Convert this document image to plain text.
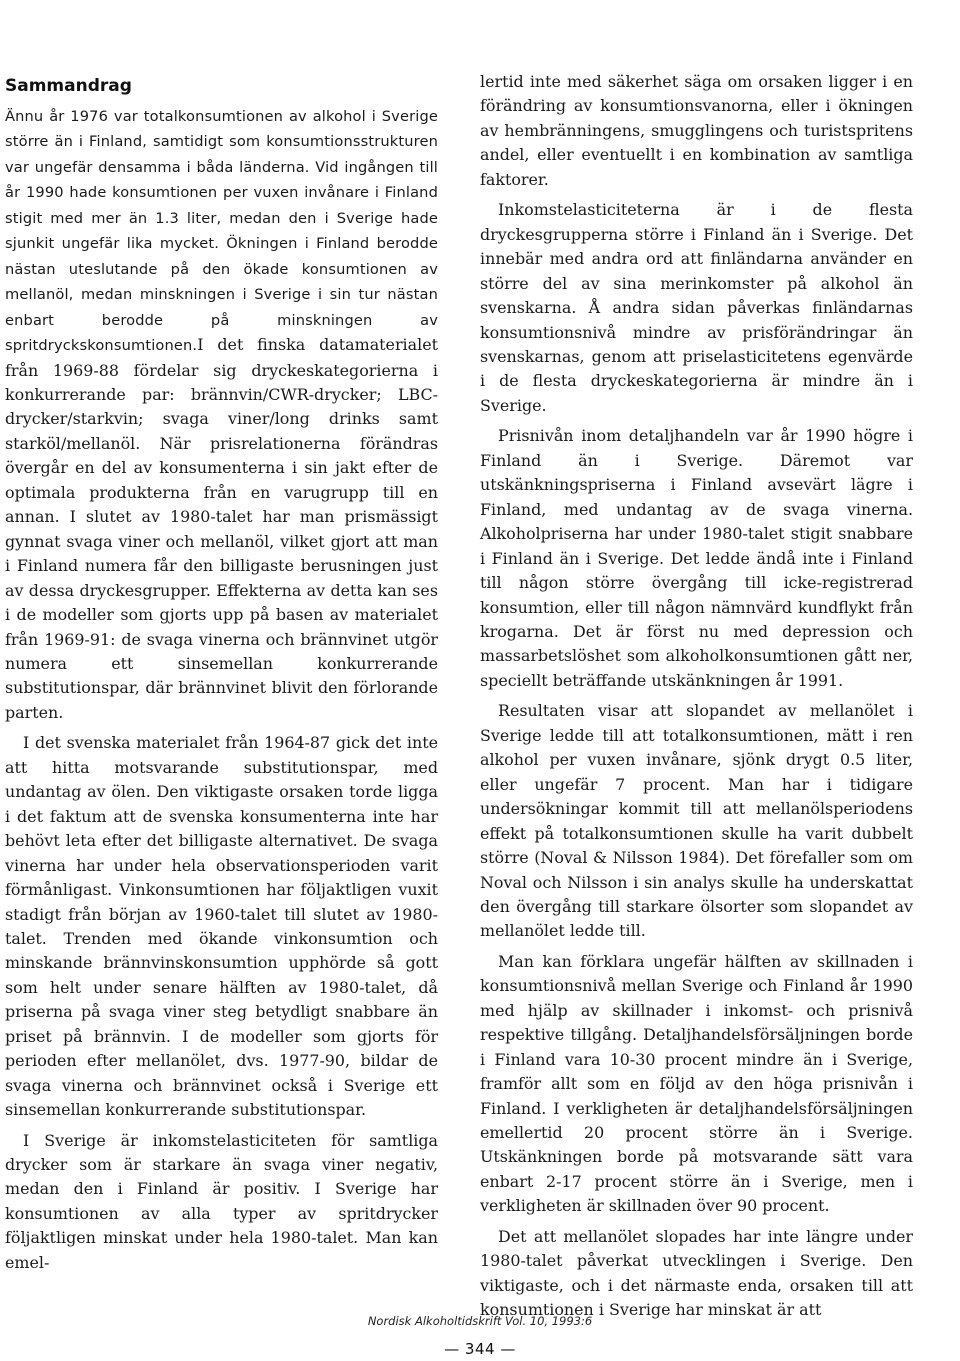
Sammandrag

Ännu år 1976 var totalkonsumtionen av alkohol i Sverige större än i Finland, samtidigt som konsumtionsstrukturen var ungefär densamma i båda länderna. Vid ingången till år 1990 hade konsumtionen per vuxen invånare i Finland stigit med mer än 1.3 liter, medan den i Sverige hade sjunkit ungefär lika mycket. Ökningen i Finland berodde nästan uteslutande på den ökade konsumtionen av mellanöl, medan minskningen i Sverige i sin tur nästan enbart berodde på minskningen av spritdryckskonsumtionen.I det finska datamaterialet från 1969-88 fördelar sig dryckeskategorierna i konkurrerande par: brännvin/CWR-drycker; LBC-drycker/starkvin; svaga viner/long drinks samt starköl/mellanöl. När prisrelationerna förändras övergår en del av konsumenterna i sin jakt efter de optimala produkterna från en varugrupp till en annan. I slutet av 1980-talet har man prismässigt gynnat svaga viner och mellanöl, vilket gjort att man i Finland numera får den billigaste berusningen just av dessa dryckesgrupper. Effekterna av detta kan ses i de modeller som gjorts upp på basen av materialet från 1969-91: de svaga vinerna och brännvinet utgör numera ett sinsemellan konkurrerande substitutionspar, där brännvinet blivit den förlorande parten.

I det svenska materialet från 1964-87 gick det inte att hitta motsvarande substitutionspar, med undantag av ölen. Den viktigaste orsaken torde ligga i det faktum att de svenska konsumenterna inte har behövt leta efter det billigaste alternativet. De svaga vinerna har under hela observationsperioden varit förmånligast. Vinkonsumtionen har följaktligen vuxit stadigt från början av 1960-talet till slutet av 1980-talet. Trenden med ökande vinkonsumtion och minskande brännvinskonsumtion upphörde så gott som helt under senare hälften av 1980-talet, då priserna på svaga viner steg betydligt snabbare än priset på brännvin. I de modeller som gjorts för perioden efter mellanölet, dvs. 1977-90, bildar de svaga vinerna och brännvinet också i Sverige ett sinsemellan konkurrerande substitutionspar.

I Sverige är inkomstelasticiteten för samtliga drycker som är starkare än svaga viner negativ, medan den i Finland är positiv. I Sverige har konsumtionen av alla typer av spritdrycker följaktligen minskat under hela 1980-talet. Man kan emel-

lertid inte med säkerhet säga om orsaken ligger i en förändring av konsumtionsvanorna, eller i ökningen av hembränningens, smugglingens och turistspritens andel, eller eventuellt i en kombination av samtliga faktorer.

Inkomstelasticiteterna är i de flesta dryckesgrupperna större i Finland än i Sverige. Det innebär med andra ord att finländarna använder en större del av sina merinkomster på alkohol än svenskarna. Å andra sidan påverkas finländarnas konsumtionsnivå mindre av prisförändringar än svenskarnas, genom att priselasticitetens egenvärde i de flesta dryckeskategorierna är mindre än i Sverige.

Prisnivån inom detaljhandeln var år 1990 högre i Finland än i Sverige. Däremot var utskänkningspriserna i Finland avsevärt lägre i Finland, med undantag av de svaga vinerna. Alkoholpriserna har under 1980-talet stigit snabbare i Finland än i Sverige. Det ledde ändå inte i Finland till någon större övergång till icke-registrerad konsumtion, eller till någon nämnvärd kundflykt från krogarna. Det är först nu med depression och massarbetslöshet som alkoholkonsumtionen gått ner, speciellt beträffande utskänkningen år 1991.

Resultaten visar att slopandet av mellanölet i Sverige ledde till att totalkonsumtionen, mätt i ren alkohol per vuxen invånare, sjönk drygt 0.5 liter, eller ungefär 7 procent. Man har i tidigare undersökningar kommit till att mellanölsperiodens effekt på totalkonsumtionen skulle ha varit dubbelt större (Noval & Nilsson 1984). Det förefaller som om Noval och Nilsson i sin analys skulle ha underskattat den övergång till starkare ölsorter som slopandet av mellanölet ledde till.

Man kan förklara ungefär hälften av skillnaden i konsumtionsnivå mellan Sverige och Finland år 1990 med hjälp av skillnader i inkomst- och prisnivå respektive tillgång. Detaljhandelsförsäljningen borde i Finland vara 10-30 procent mindre än i Sverige, framför allt som en följd av den höga prisnivån i Finland. I verkligheten är detaljhandelsförsäljningen emellertid 20 procent större än i Sverige. Utskänkningen borde på motsvarande sätt vara enbart 2-17 procent större än i Sverige, men i verkligheten är skillnaden över 90 procent.

Det att mellanölet slopades har inte längre under 1980-talet påverkat utvecklingen i Sverige. Den viktigaste, och i det närmaste enda, orsaken till att konsumtionen i Sverige har minskat är att

Nordisk Alkoholtidskrift Vol. 10, 1993:6
— 344 —
